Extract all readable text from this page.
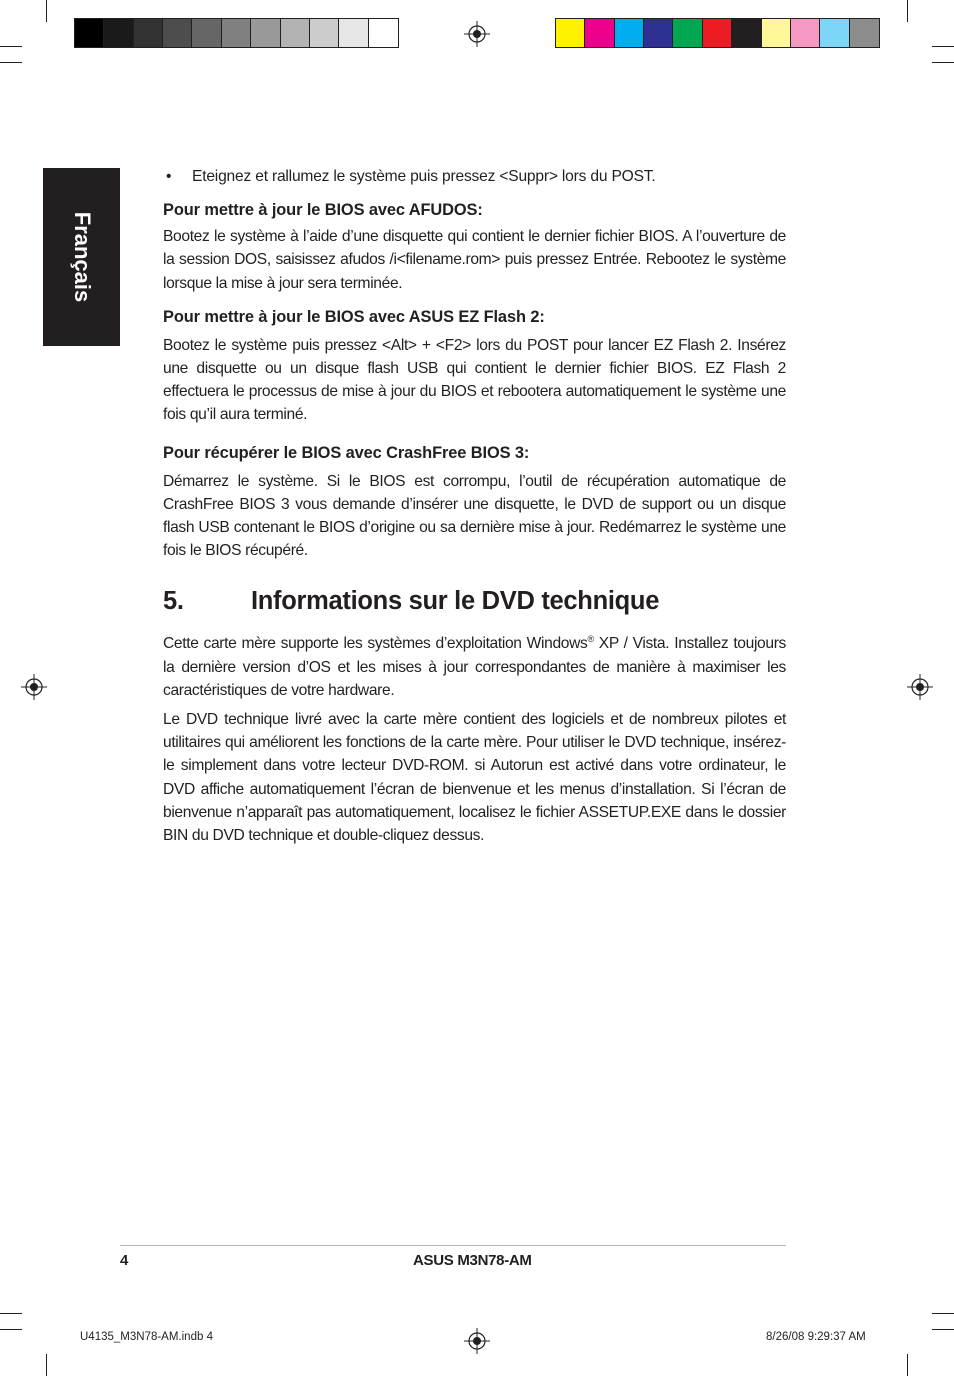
Français

• Eteignez et rallumez le système puis pressez <Suppr> lors du POST.

Pour mettre à jour le BIOS avec AFUDOS:

Bootez le système à l’aide d’une disquette qui contient le dernier fichier BIOS. A l’ouverture de la session DOS, saisissez afudos /i<filename.rom> puis pressez Entrée. Rebootez le système lorsque la mise à jour sera terminée.

Pour mettre à jour le BIOS avec ASUS EZ Flash 2:

Bootez le système puis pressez <Alt> + <F2> lors du POST pour lancer EZ Flash 2. Insérez une disquette ou un disque flash USB qui contient le dernier fichier BIOS. EZ Flash 2 effectuera le processus de mise à jour du BIOS et rebootera automatiquement le système une fois qu’il aura terminé.

Pour récupérer le BIOS avec CrashFree BIOS 3:

Démarrez le système. Si le BIOS est corrompu, l’outil de récupération automatique de CrashFree BIOS 3 vous demande d’insérer une disquette, le DVD de support ou un disque flash USB contenant le BIOS d’origine ou sa dernière mise à jour. Redémarrez le système une fois le BIOS récupéré.

5.	Informations sur le DVD technique

Cette carte mère supporte les systèmes d’exploitation Windows® XP / Vista. Installez toujours la dernière version d’OS et les mises à jour correspondantes de manière à maximiser les caractéristiques de votre hardware.

Le DVD technique livré avec la carte mère contient des logiciels et de nombreux pilotes et utilitaires qui améliorent les fonctions de la carte mère. Pour utiliser le DVD technique, insérez-le simplement dans votre lecteur DVD-ROM. si Autorun est activé dans votre ordinateur, le DVD affiche automatiquement l’écran de bienvenue et les menus d’installation. Si l’écran de bienvenue n’apparaît pas automatiquement, localisez le fichier ASSETUP.EXE dans le dossier BIN du DVD technique et double-cliquez dessus.

4	ASUS M3N78-AM
U4135_M3N78-AM.indb 4	8/26/08 9:29:37 AM
